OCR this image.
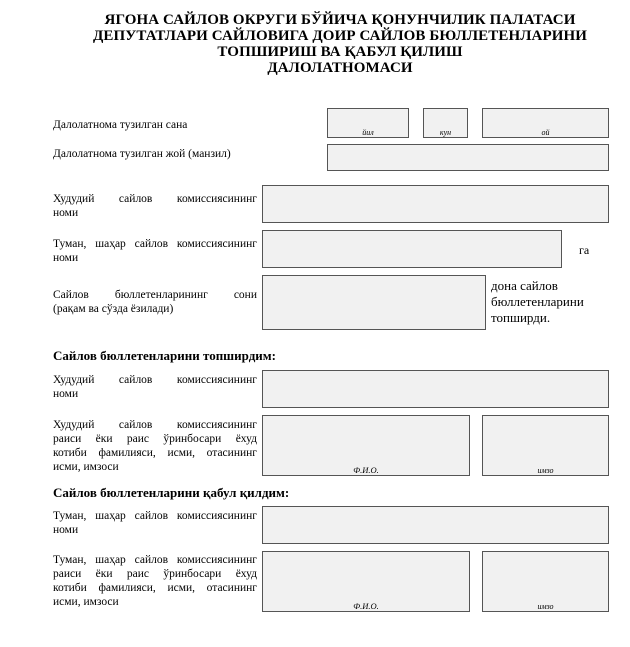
ЯГОНА САЙЛОВ ОКРУГИ БЎЙИЧА ҚОНУНЧИЛИК ПАЛАТАСИ
ДЕПУТАТЛАРИ САЙЛОВИГА ДОИР САЙЛОВ БЮЛЛЕТЕНЛАРИНИ
ТОПШИРИШ ВА ҚАБУЛ ҚИЛИШ
ДАЛОЛАТНОМАСИ
Далолатнома тузилган сана
йил	кун	ой
Далолатнома тузилган жой (манзил)
Худудий сайлов комиссиясининг
номи
Туман, шаҳар сайлов комиссиясининг
номи
га
Сайлов бюллетенларининг сони
(рақам ва сўзда ёзилади)
дона сайлов
бюллетенларини
топширди.
Сайлов бюллетенларини топширдим:
Худудий сайлов комиссиясининг
номи
Худудий сайлов комиссиясининг
раиси ёки раис ўринбосари ёхуд
котиби фамилияси, исми, отасининг
исми, имзоси	Ф.И.О.	имзо
Сайлов бюллетенларини қабул қилдим:
Туман, шаҳар сайлов комиссиясининг
номи
Туман, шаҳар сайлов комиссиясининг
раиси ёки раис ўринбосари ёхуд
котиби фамилияси, исми, отасининг
исми, имзоси	Ф.И.О.	имзо
